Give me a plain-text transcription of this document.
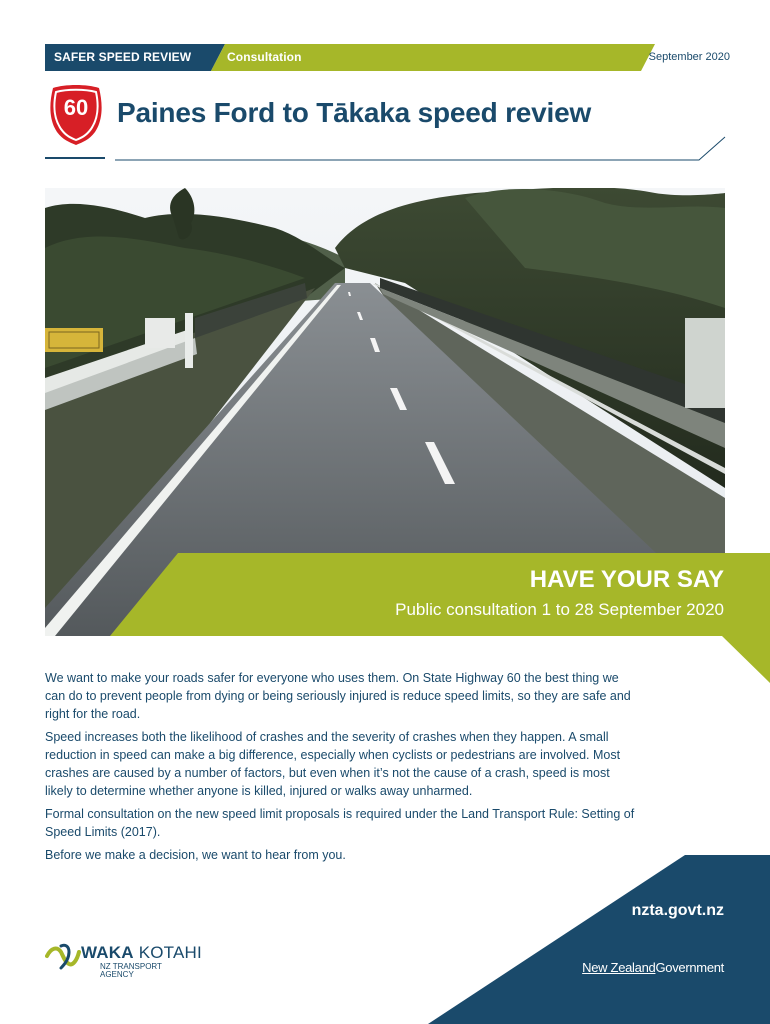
SAFER SPEED REVIEW	Consultation	September 2020
60 Paines Ford to Tākaka speed review
HAVE YOUR SAY
Public consultation 1 to 28 September 2020

We want to make your roads safer for everyone who uses them. On State Highway 60 the best thing we can do to prevent people from dying or being seriously injured is reduce speed limits, so they are safe and right for the road.

Speed increases both the likelihood of crashes and the severity of crashes when they happen. A small reduction in speed can make a big difference, especially when cyclists or pedestrians are involved. Most crashes are caused by a number of factors, but even when it’s not the cause of a crash, speed is most likely to determine whether anyone is killed, injured or walks away unharmed.

Formal consultation on the new speed limit proposals is required under the Land Transport Rule: Setting of Speed Limits (2017).

Before we make a decision, we want to hear from you.

nzta.govt.nz
New ZealandGovernment
WAKA KOTAHI
NZ TRANSPORT
AGENCY
